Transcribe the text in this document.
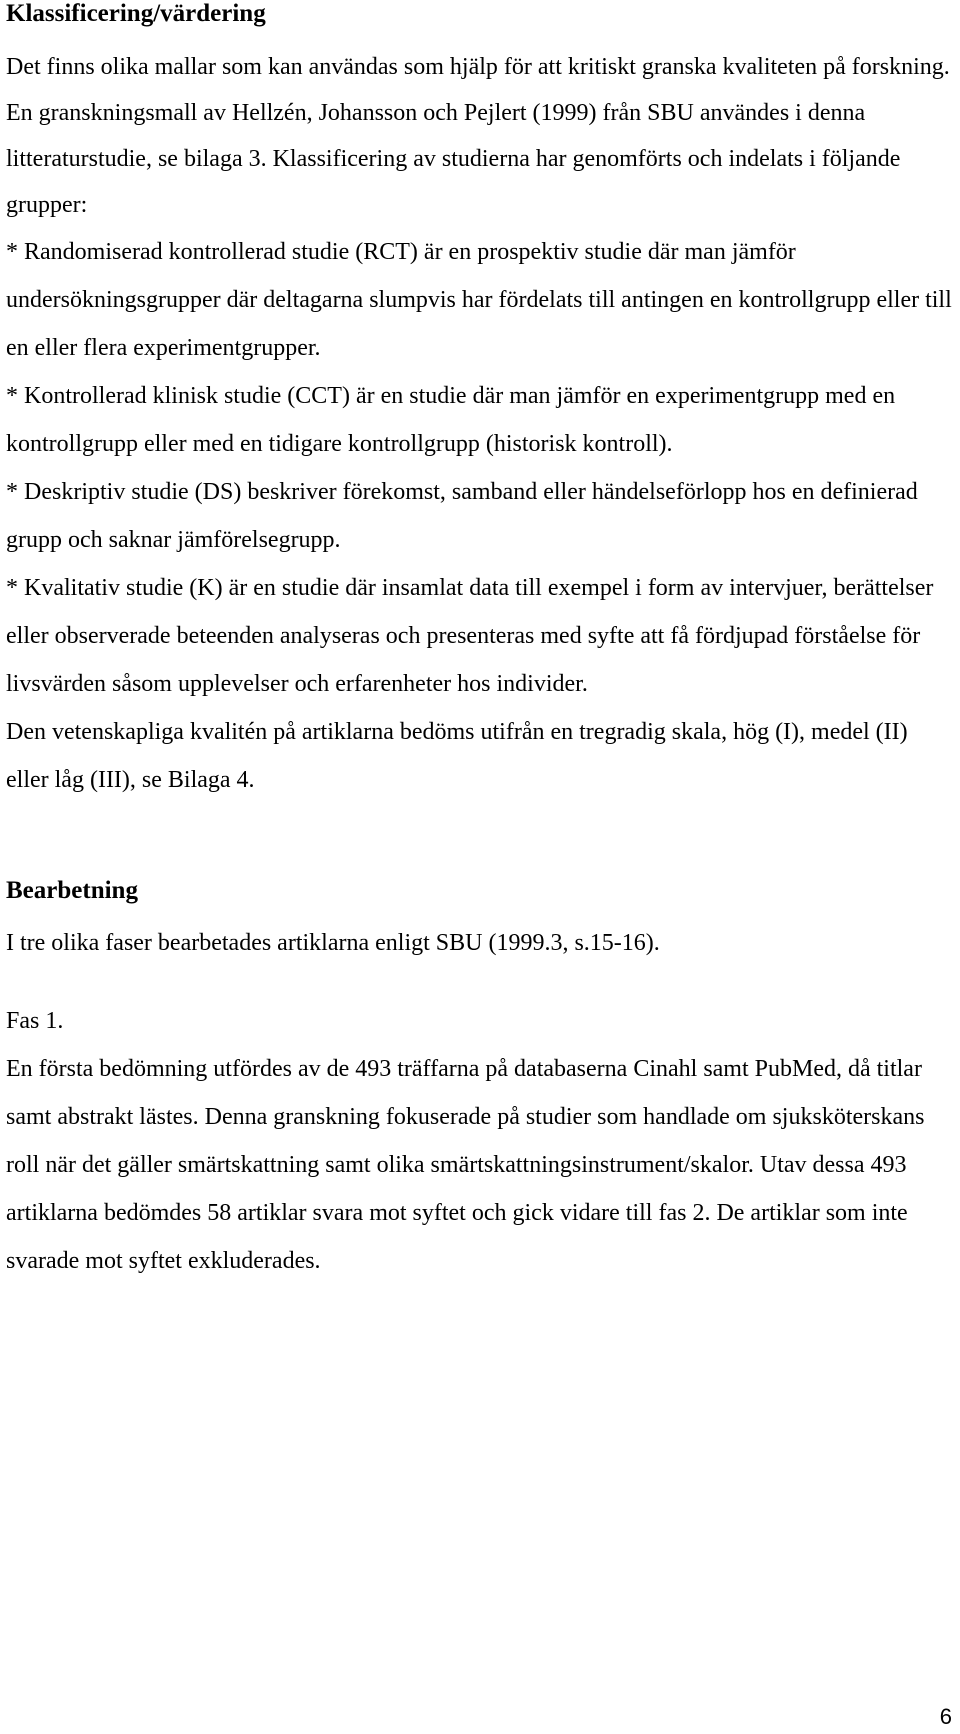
Klassificering/värdering

Det finns olika mallar som kan användas som hjälp för att kritiskt granska kvaliteten på forskning. En granskningsmall av Hellzén, Johansson och Pejlert (1999) från SBU användes i denna litteraturstudie, se bilaga 3. Klassificering av studierna har genomförts och indelats i följande grupper:

* Randomiserad kontrollerad studie (RCT) är en prospektiv studie där man jämför undersökningsgrupper där deltagarna slumpvis har fördelats till antingen en kontrollgrupp eller till en eller flera experimentgrupper.

* Kontrollerad klinisk studie (CCT) är en studie där man jämför en experimentgrupp med en kontrollgrupp eller med en tidigare kontrollgrupp (historisk kontroll).

* Deskriptiv studie (DS) beskriver förekomst, samband eller händelseförlopp hos en definierad grupp och saknar jämförelsegrupp.

* Kvalitativ studie (K) är en studie där insamlat data till exempel i form av intervjuer, berättelser eller observerade beteenden analyseras och presenteras med syfte att få fördjupad förståelse för livsvärden såsom upplevelser och erfarenheter hos individer.

Den vetenskapliga kvalitén på artiklarna bedöms utifrån en tregradig skala, hög (I), medel (II) eller låg (III), se Bilaga 4.

Bearbetning

I tre olika faser bearbetades artiklarna enligt SBU (1999.3, s.15-16).

Fas 1.

En första bedömning utfördes av de 493 träffarna på databaserna Cinahl samt PubMed, då titlar samt abstrakt lästes. Denna granskning fokuserade på studier som handlade om sjuksköterskans roll när det gäller smärtskattning samt olika smärtskattningsinstrument/skalor. Utav dessa 493 artiklarna bedömdes 58 artiklar svara mot syftet och gick vidare till fas 2. De artiklar som inte svarade mot syftet exkluderades.

6
